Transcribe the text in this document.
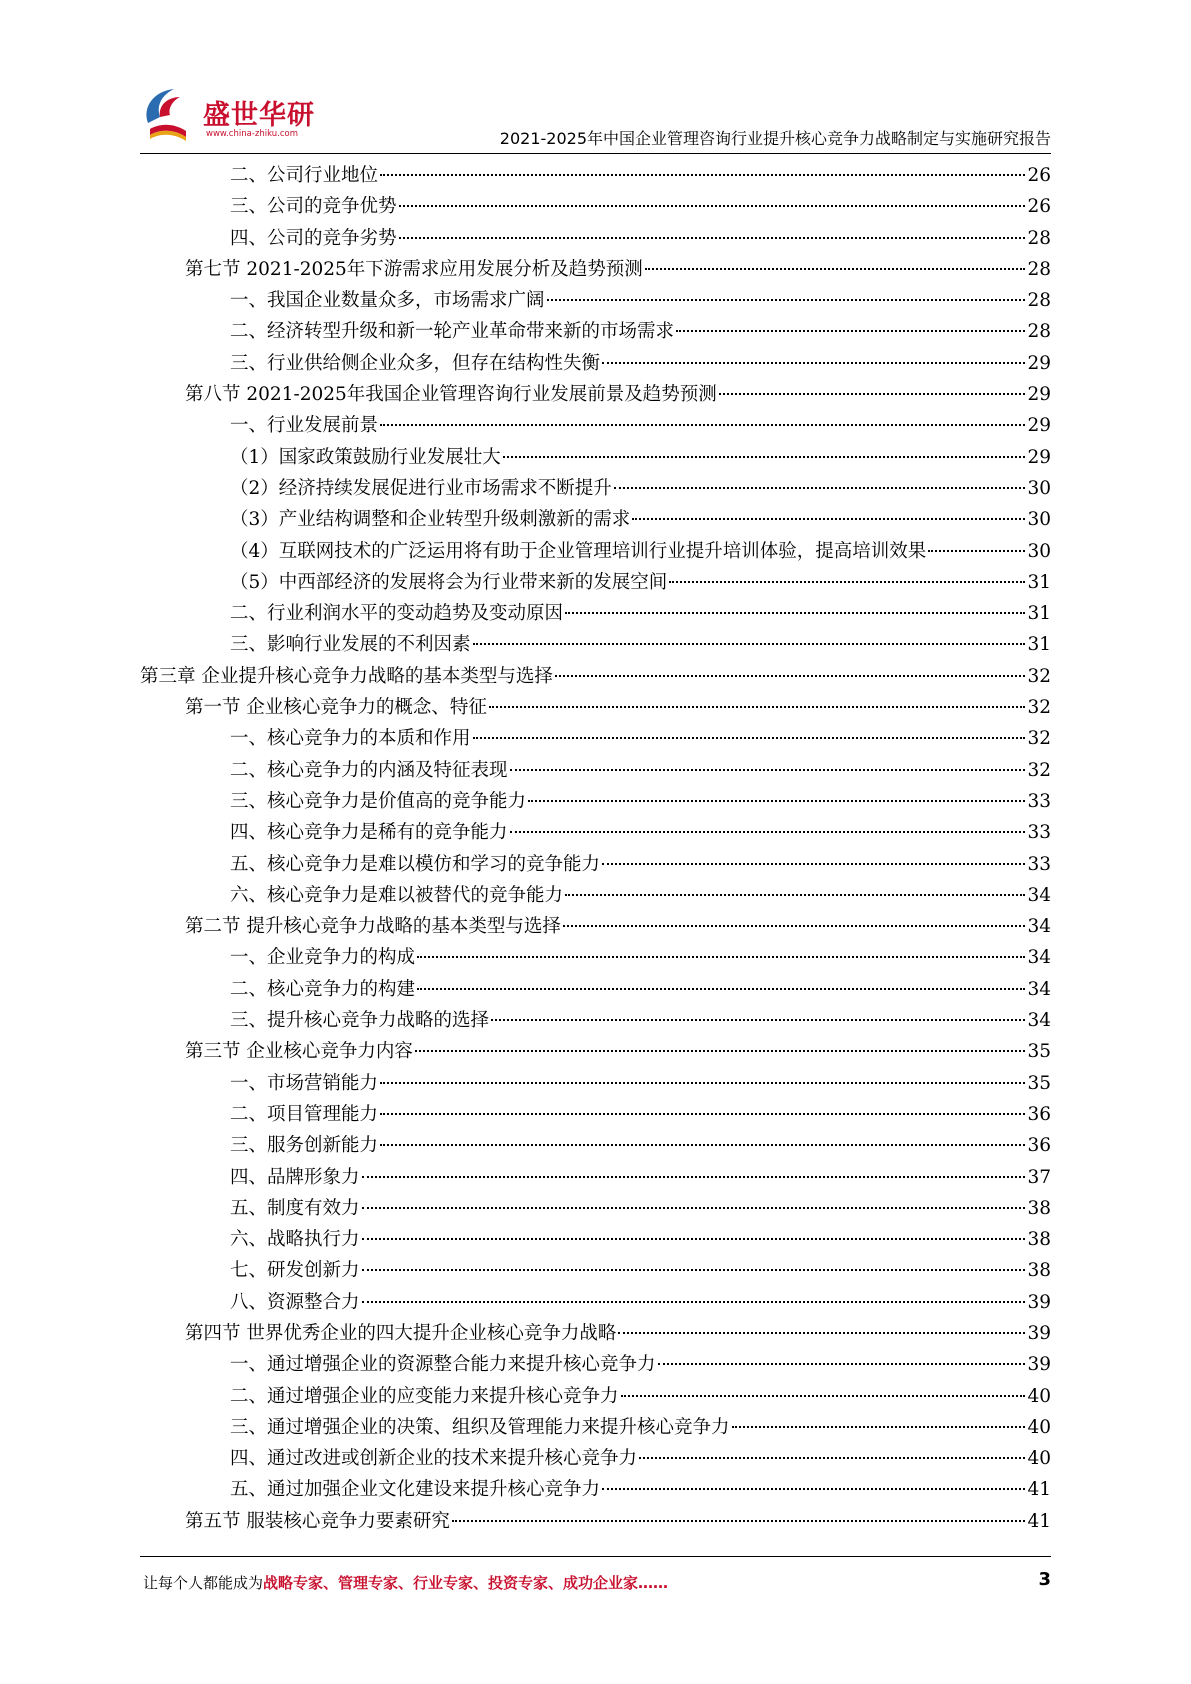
盛世华研
www.china-zhiku.com	2021-2025年中国企业管理咨询行业提升核心竞争力战略制定与实施研究报告
二、公司行业地位	26
三、公司的竞争优势	26
四、公司的竞争劣势	28
第七节 2021-2025年下游需求应用发展分析及趋势预测	28
一、我国企业数量众多，市场需求广阔	28
二、经济转型升级和新一轮产业革命带来新的市场需求	28
三、行业供给侧企业众多，但存在结构性失衡	29
第八节 2021-2025年我国企业管理咨询行业发展前景及趋势预测	29
一、行业发展前景	29
（1）国家政策鼓励行业发展壮大	29
（2）经济持续发展促进行业市场需求不断提升	30
（3）产业结构调整和企业转型升级刺激新的需求	30
（4）互联网技术的广泛运用将有助于企业管理培训行业提升培训体验，提高培训效果	30
（5）中西部经济的发展将会为行业带来新的发展空间	31
二、行业利润水平的变动趋势及变动原因	31
三、影响行业发展的不利因素	31
第三章 企业提升核心竞争力战略的基本类型与选择	32
第一节 企业核心竞争力的概念、特征	32
一、核心竞争力的本质和作用	32
二、核心竞争力的内涵及特征表现	32
三、核心竞争力是价值高的竞争能力	33
四、核心竞争力是稀有的竞争能力	33
五、核心竞争力是难以模仿和学习的竞争能力	33
六、核心竞争力是难以被替代的竞争能力	34
第二节 提升核心竞争力战略的基本类型与选择	34
一、企业竞争力的构成	34
二、核心竞争力的构建	34
三、提升核心竞争力战略的选择	34
第三节 企业核心竞争力内容	35
一、市场营销能力	35
二、项目管理能力	36
三、服务创新能力	36
四、品牌形象力	37
五、制度有效力	38
六、战略执行力	38
七、研发创新力	38
八、资源整合力	39
第四节 世界优秀企业的四大提升企业核心竞争力战略	39
一、通过增强企业的资源整合能力来提升核心竞争力	39
二、通过增强企业的应变能力来提升核心竞争力	40
三、通过增强企业的决策、组织及管理能力来提升核心竞争力	40
四、通过改进或创新企业的技术来提升核心竞争力	40
五、通过加强企业文化建设来提升核心竞争力	41
第五节 服装核心竞争力要素研究	41
让每个人都能成为战略专家、管理专家、行业专家、投资专家、成功企业家……	3
